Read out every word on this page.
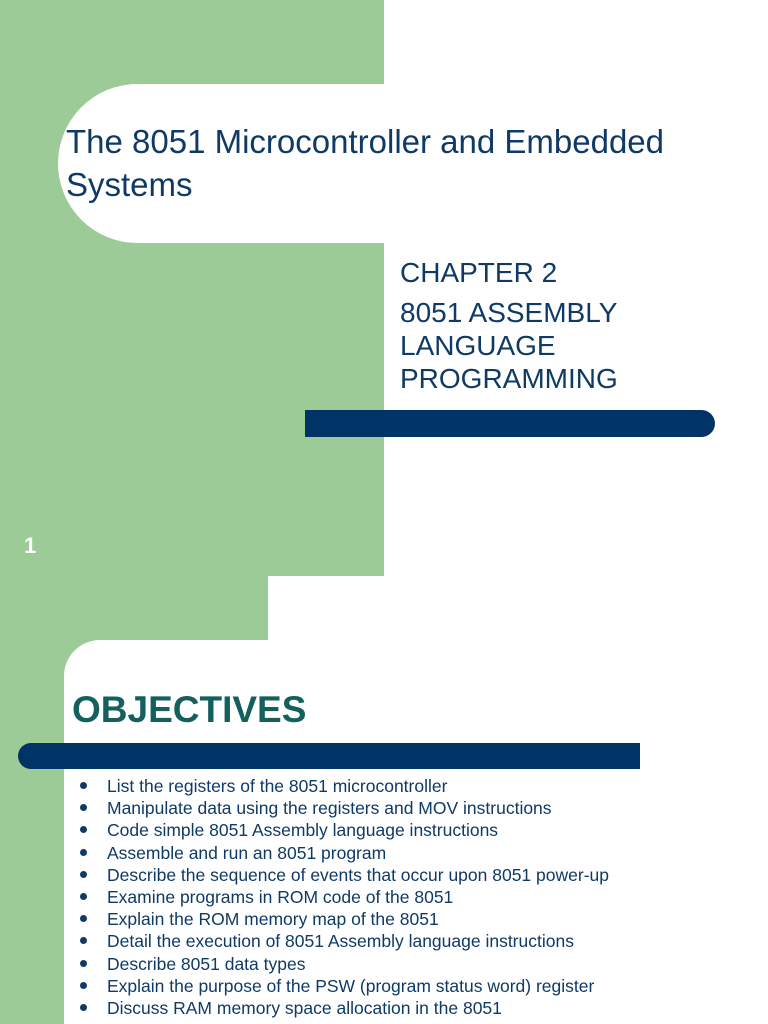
The 8051 Microcontroller and Embedded Systems

CHAPTER 2

8051 ASSEMBLY LANGUAGE PROGRAMMING

1
OBJECTIVES
List the registers of the 8051 microcontroller
Manipulate data using the registers and MOV instructions
Code simple 8051 Assembly language instructions
Assemble and run an 8051 program
Describe the sequence of events that occur upon 8051 power-up
Examine programs in ROM code of the 8051
Explain the ROM memory map of the 8051
Detail the execution of 8051 Assembly language instructions
Describe 8051 data types
Explain the purpose of the PSW (program status word) register
Discuss RAM memory space allocation in the 8051
